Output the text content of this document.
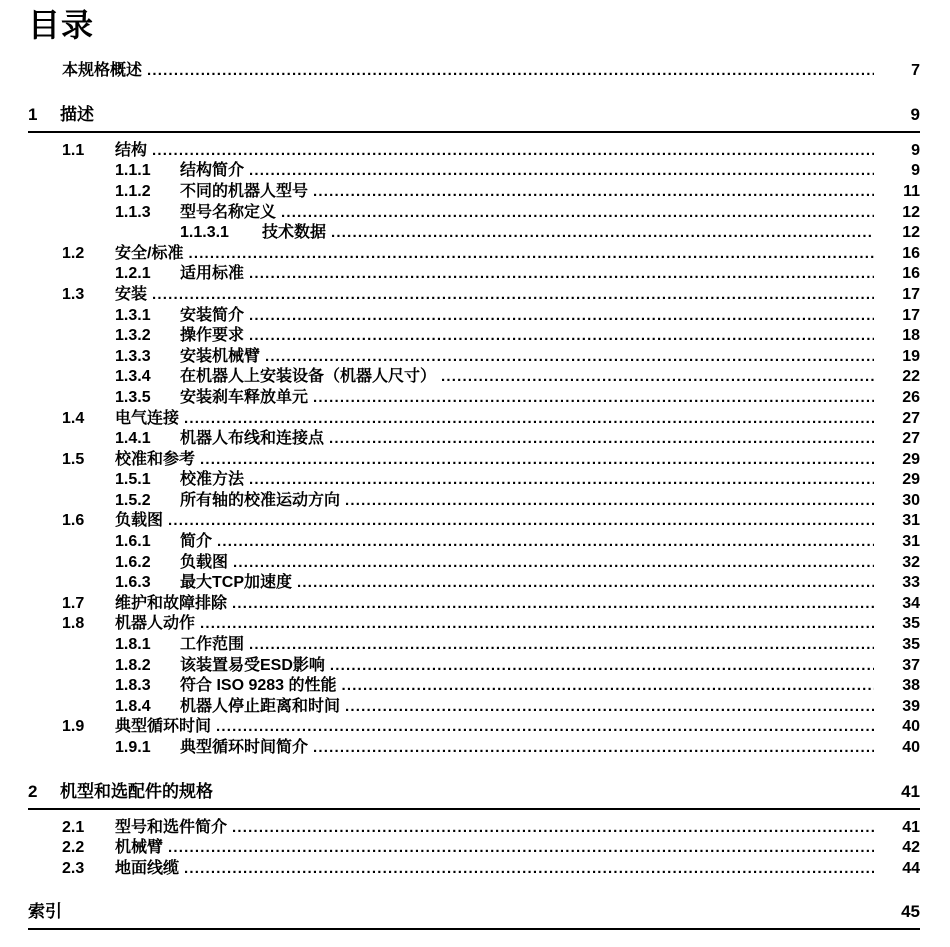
目录
本规格概述 .....	7
1	描述	9
1.1	结构 .....	9
1.1.1	结构简介 .....	9
1.1.2	不同的机器人型号 .....	11
1.1.3	型号名称定义 .....	12
1.1.3.1	技术数据 .....	12
1.2	安全/标准 .....	16
1.2.1	适用标准 .....	16
1.3	安装 .....	17
1.3.1	安装简介 .....	17
1.3.2	操作要求 .....	18
1.3.3	安装机械臂 .....	19
1.3.4	在机器人上安装设备（机器人尺寸） .....	22
1.3.5	安装刹车释放单元 .....	26
1.4	电气连接 .....	27
1.4.1	机器人布线和连接点 .....	27
1.5	校准和参考 .....	29
1.5.1	校准方法 .....	29
1.5.2	所有轴的校准运动方向 .....	30
1.6	负载图 .....	31
1.6.1	简介 .....	31
1.6.2	负载图 .....	32
1.6.3	最大TCP加速度 .....	33
1.7	维护和故障排除 .....	34
1.8	机器人动作 .....	35
1.8.1	工作范围 .....	35
1.8.2	该装置易受ESD影响 .....	37
1.8.3	符合 ISO 9283 的性能 .....	38
1.8.4	机器人停止距离和时间 .....	39
1.9	典型循环时间 .....	40
1.9.1	典型循环时间简介 .....	40
2	机型和选配件的规格	41
2.1	型号和选件简介 .....	41
2.2	机械臂 .....	42
2.3	地面线缆 .....	44
索引	45
